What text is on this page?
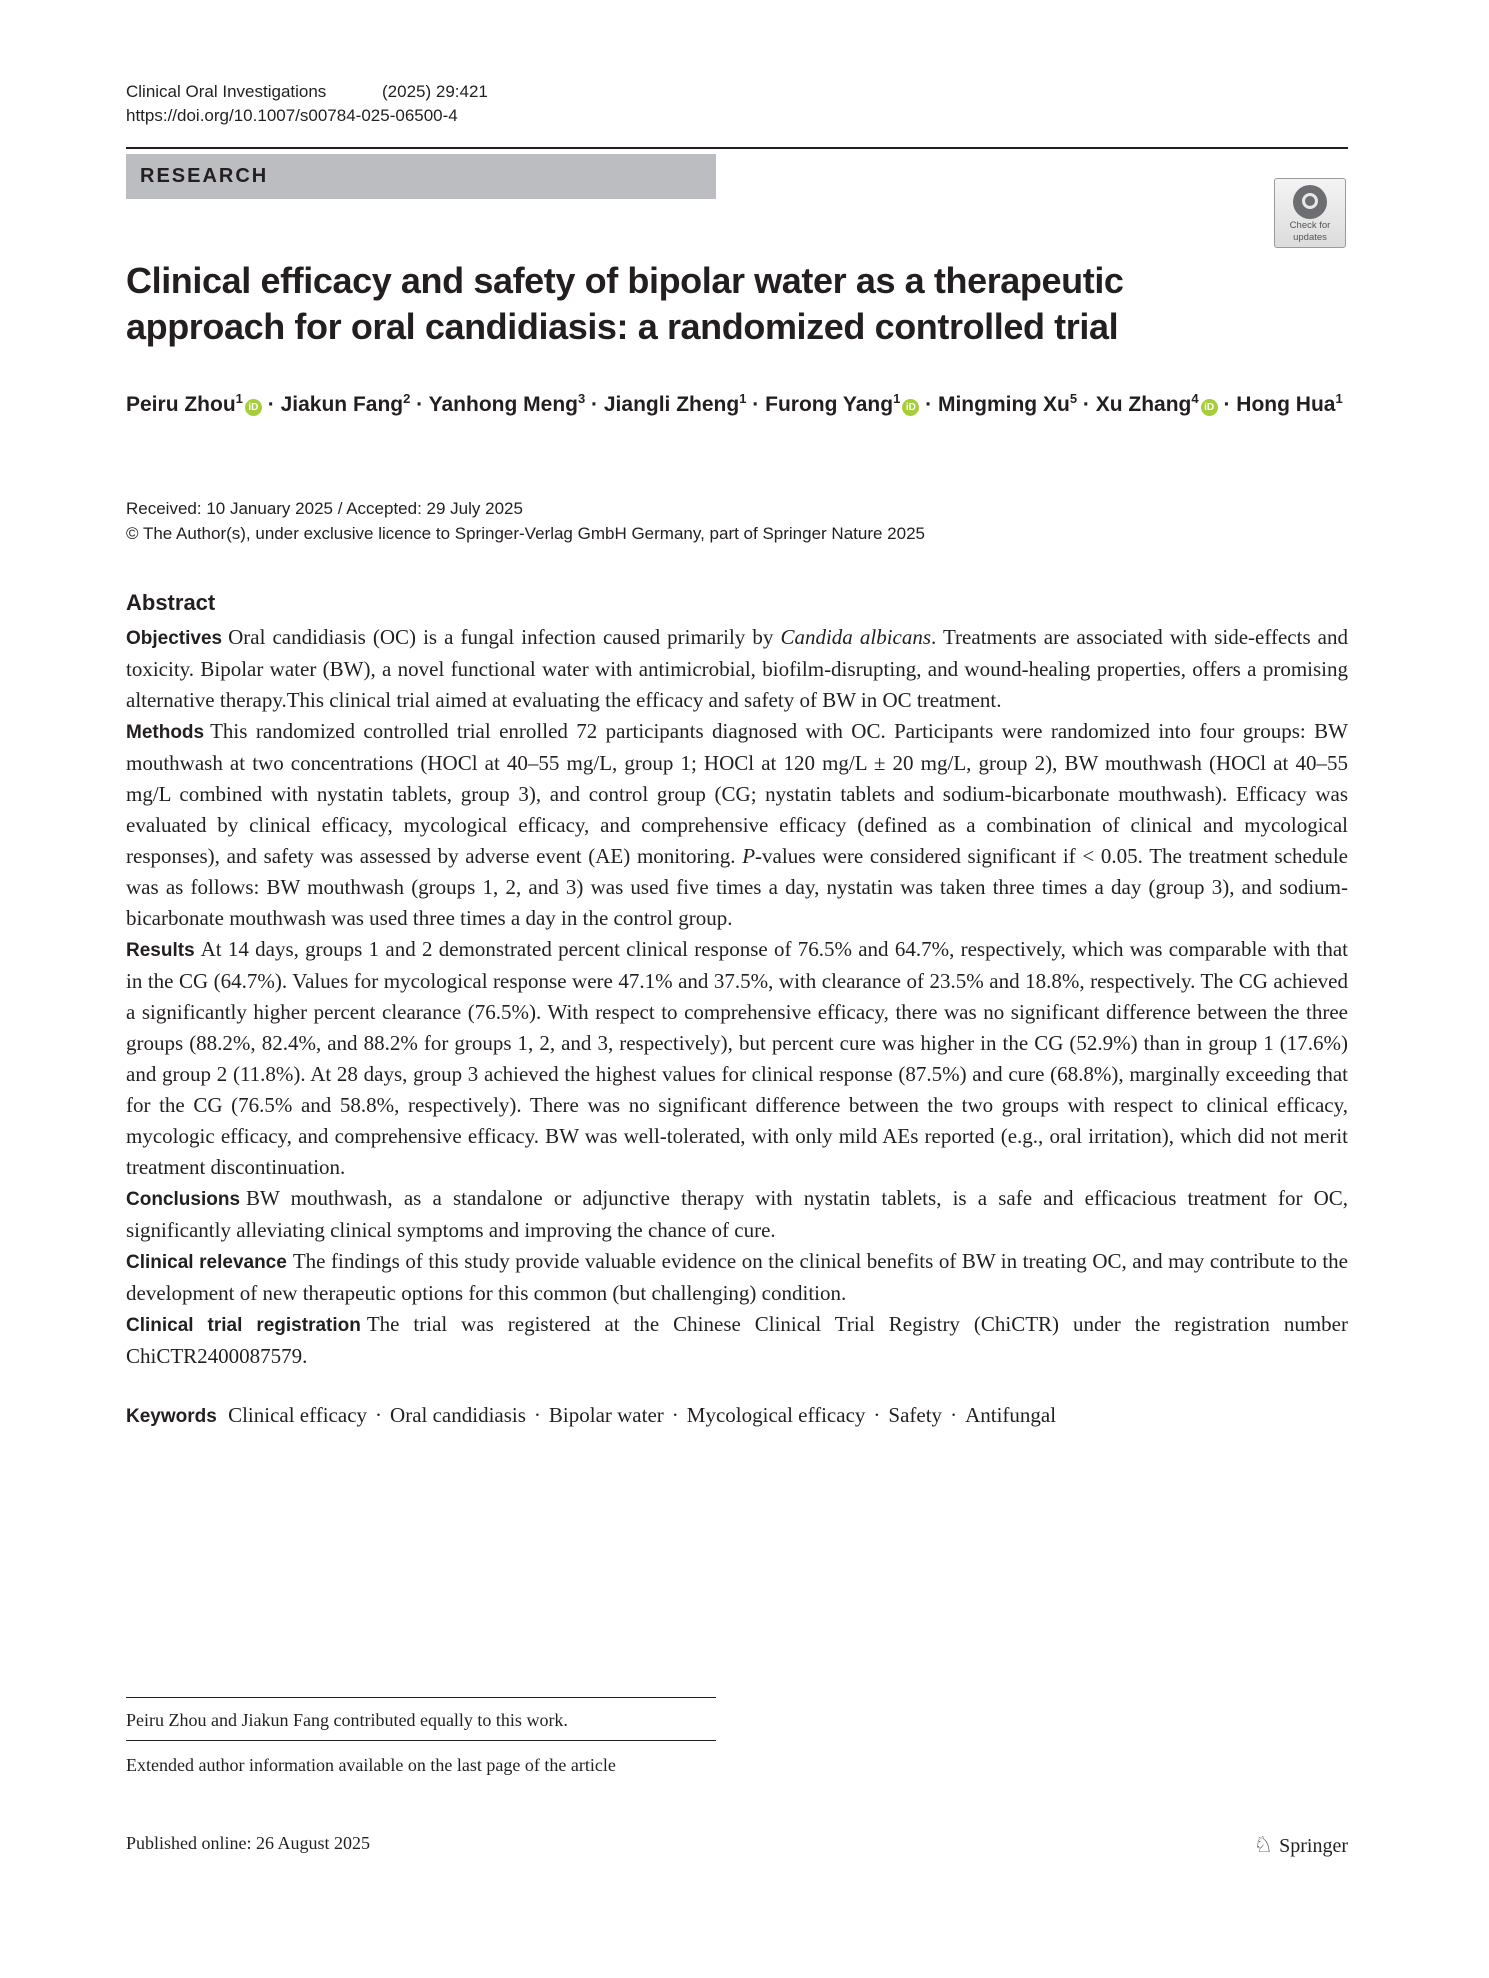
Clinical Oral Investigations	(2025) 29:421
https://doi.org/10.1007/s00784-025-06500-4
RESEARCH
Check for
updates
Clinical efficacy and safety of bipolar water as a therapeutic approach for oral candidiasis: a randomized controlled trial

Peiru Zhou$^1$iD · Jiakun Fang$^2$ · Yanhong Meng$^3$ · Jiangli Zheng$^1$ · Furong Yang$^1$iD · Mingming $Xu^5 \cdot Xu$ Zhang$^4$iD · Hong Hua$^1$

Received: 10 January 2025 / Accepted: 29 July 2025
© The Author(s), under exclusive licence to Springer-Verlag GmbH Germany, part of Springer Nature 2025
Abstract

Objectives Oral candidiasis (OC) is a fungal infection caused primarily by Candida albicans. Treatments are associated with side-effects and toxicity. Bipolar water (BW), a novel functional water with antimicrobial, biofilm-disrupting, and wound-healing properties, offers a promising alternative therapy.This clinical trial aimed at evaluating the efficacy and safety of BW in OC treatment.

Methods This randomized controlled trial enrolled 72 participants diagnosed with OC. Participants were randomized into four groups: BW mouthwash at two concentrations (HOCl at 40–55 mg/L, group 1; HOCl at 120 mg/L ± 20 mg/L, group 2), BW mouthwash (HOCl at 40–55 mg/L combined with nystatin tablets, group 3), and control group (CG; nystatin tablets and sodium-bicarbonate mouthwash). Efficacy was evaluated by clinical efficacy, mycological efficacy, and comprehensive efficacy (defined as a combination of clinical and mycological responses), and safety was assessed by adverse event (AE) monitoring. P-values were considered significant if < 0.05. The treatment schedule was as follows: BW mouthwash (groups 1, 2, and 3) was used five times a day, nystatin was taken three times a day (group 3), and sodium-bicarbonate mouthwash was used three times a day in the control group.

Results At 14 days, groups 1 and 2 demonstrated percent clinical response of 76.5% and 64.7%, respectively, which was comparable with that in the CG (64.7%). Values for mycological response were 47.1% and 37.5%, with clearance of 23.5% and 18.8%, respectively. The CG achieved a significantly higher percent clearance (76.5%). With respect to comprehensive efficacy, there was no significant difference between the three groups (88.2%, 82.4%, and 88.2% for groups 1, 2, and 3, respectively), but percent cure was higher in the CG (52.9%) than in group 1 (17.6%) and group 2 (11.8%). At 28 days, group 3 achieved the highest values for clinical response (87.5%) and cure (68.8%), marginally exceeding that for the CG (76.5% and 58.8%, respectively). There was no significant difference between the two groups with respect to clinical efficacy, mycologic efficacy, and comprehensive efficacy. BW was well-tolerated, with only mild AEs reported (e.g., oral irritation), which did not merit treatment discontinuation.

Conclusions BW mouthwash, as a standalone or adjunctive therapy with nystatin tablets, is a safe and efficacious treatment for OC, significantly alleviating clinical symptoms and improving the chance of cure.

Clinical relevance The findings of this study provide valuable evidence on the clinical benefits of BW in treating OC, and may contribute to the development of new therapeutic options for this common (but challenging) condition.

Clinical trial registration The trial was registered at the Chinese Clinical Trial Registry (ChiCTR) under the registration number ChiCTR2400087579.

Keywords Clinical efficacy · Oral candidiasis · Bipolar water · Mycological efficacy · Safety · Antifungal

Peiru Zhou and Jiakun Fang contributed equally to this work.
Extended author information available on the last page of the article
Published online: 26 August 2025	♘ Springer
